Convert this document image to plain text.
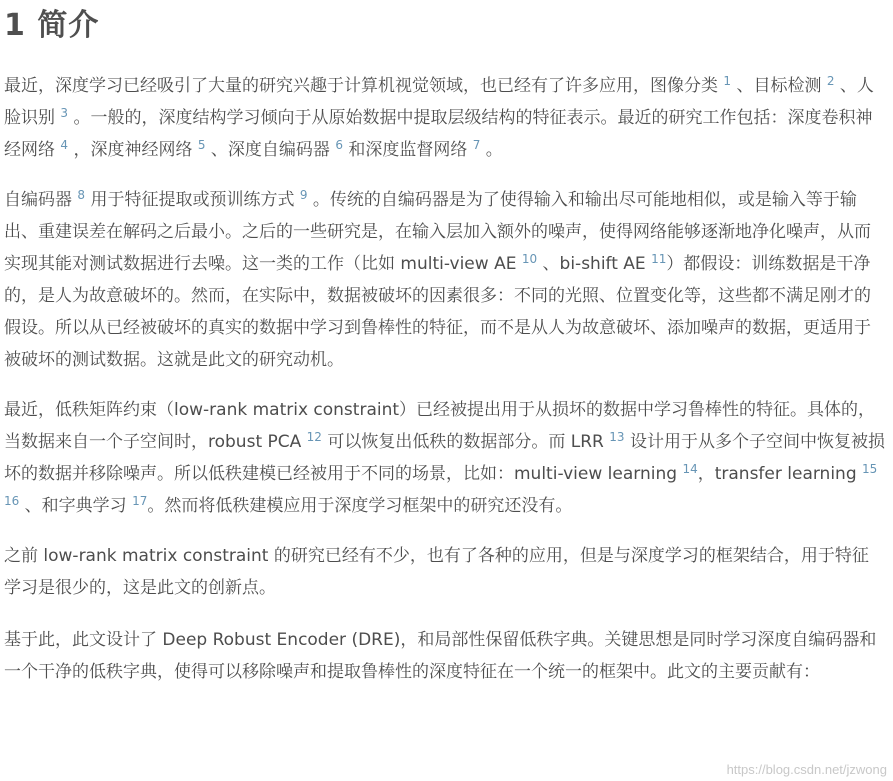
1 简介

最近，深度学习已经吸引了大量的研究兴趣于计算机视觉领域，也已经有了许多应用，图像分类 $^1$ 、目标检测 $^2$ 、人脸识别 $^3$ 。一般的，深度结构学习倾向于从原始数据中提取层级结构的特征表示。最近的研究工作包括：深度卷积神经网络 $^4$ ，深度神经网络 $^5$ 、深度自编码器 $^6$ 和深度监督网络 $^7$ 。

自编码器 $^8$ 用于特征提取或预训练方式 $^9$ 。传统的自编码器是为了使得输入和输出尽可能地相似，或是输入等于输出、重建误差在解码之后最小。之后的一些研究是，在输入层加入额外的噪声，使得网络能够逐渐地净化噪声，从而实现其能对测试数据进行去噪。这一类的工作（比如 multi-view AE $^{10}$ 、bi-shift AE $^{11}$）都假设：训练数据是干净的，是人为故意破坏的。然而，在实际中，数据被破坏的因素很多：不同的光照、位置变化等，这些都不满足刚才的假设。所以从已经被破坏的真实的数据中学习到鲁棒性的特征，而不是从人为故意破坏、添加噪声的数据，更适用于被破坏的测试数据。这就是此文的研究动机。

最近，低秩矩阵约束（low-rank matrix constraint）已经被提出用于从损坏的数据中学习鲁棒性的特征。具体的，当数据来自一个子空间时，robust PCA $^{12}$ 可以恢复出低秩的数据部分。而 LRR $^{13}$ 设计用于从多个子空间中恢复被损坏的数据并移除噪声。所以低秩建模已经被用于不同的场景，比如：multi-view learning $^{14}$，transfer learning $^{15}$ $^{16}$ 、和字典学习 $^{17}$。然而将低秩建模应用于深度学习框架中的研究还没有。

之前 low-rank matrix constraint 的研究已经有不少，也有了各种的应用，但是与深度学习的框架结合，用于特征学习是很少的，这是此文的创新点。

基于此，此文设计了 Deep Robust Encoder (DRE)，和局部性保留低秩字典。关键思想是同时学习深度自编码器和一个干净的低秩字典，使得可以移除噪声和提取鲁棒性的深度特征在一个统一的框架中。此文的主要贡献有：

https://blog.csdn.net/jzwong
